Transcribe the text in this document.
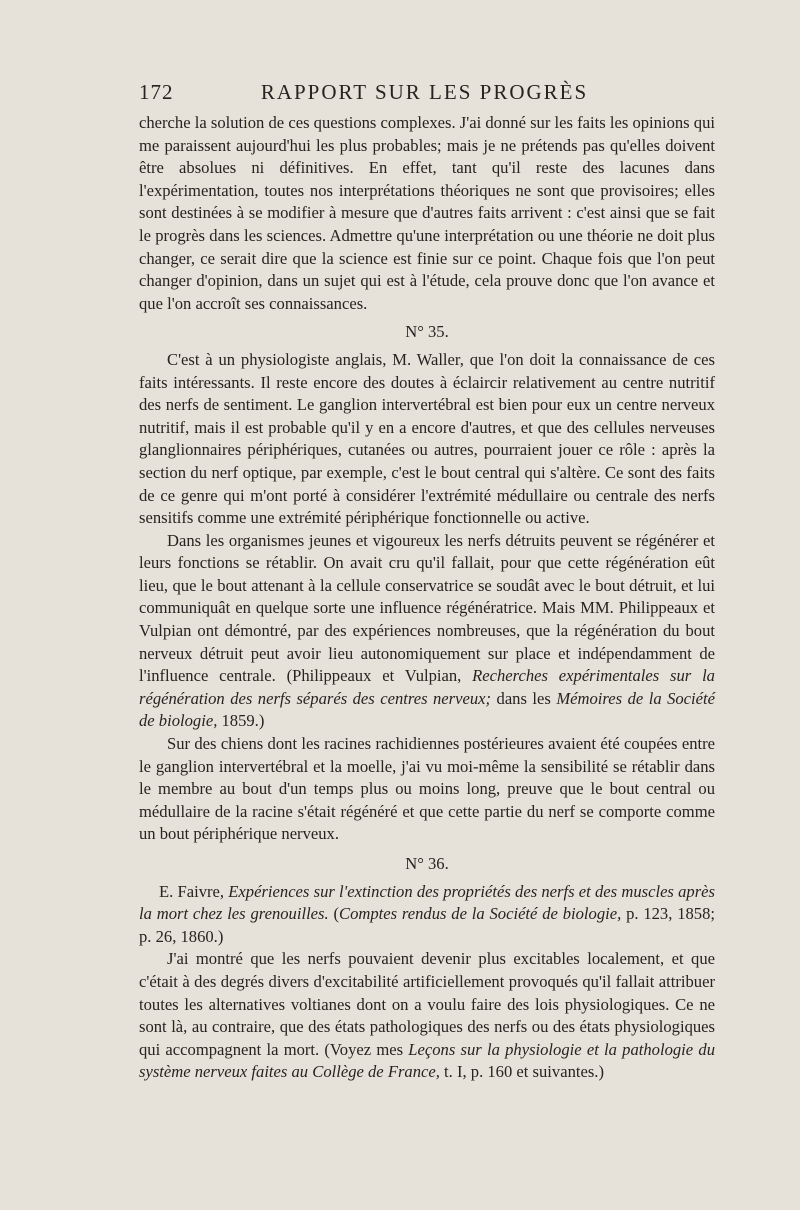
172	RAPPORT SUR LES PROGRÈS

cherche la solution de ces questions complexes. J'ai donné sur les faits les opinions qui me paraissent aujourd'hui les plus probables; mais je ne prétends pas qu'elles doivent être absolues ni définitives. En effet, tant qu'il reste des lacunes dans l'expérimentation, toutes nos interprétations théoriques ne sont que provisoires; elles sont destinées à se modifier à mesure que d'autres faits arrivent : c'est ainsi que se fait le progrès dans les sciences. Admettre qu'une interprétation ou une théorie ne doit plus changer, ce serait dire que la science est finie sur ce point. Chaque fois que l'on peut changer d'opinion, dans un sujet qui est à l'étude, cela prouve donc que l'on avance et que l'on accroît ses connaissances.

N° 35.

C'est à un physiologiste anglais, M. Waller, que l'on doit la connaissance de ces faits intéressants. Il reste encore des doutes à éclaircir relativement au centre nutritif des nerfs de sentiment. Le ganglion intervertébral est bien pour eux un centre nerveux nutritif, mais il est probable qu'il y en a encore d'autres, et que des cellules nerveuses glanglionnaires périphériques, cutanées ou autres, pourraient jouer ce rôle : après la section du nerf optique, par exemple, c'est le bout central qui s'altère. Ce sont des faits de ce genre qui m'ont porté à considérer l'extrémité médullaire ou centrale des nerfs sensitifs comme une extrémité périphérique fonctionnelle ou active.

Dans les organismes jeunes et vigoureux les nerfs détruits peuvent se régénérer et leurs fonctions se rétablir. On avait cru qu'il fallait, pour que cette régénération eût lieu, que le bout attenant à la cellule conservatrice se soudât avec le bout détruit, et lui communiquât en quelque sorte une influence régénératrice. Mais MM. Philippeaux et Vulpian ont démontré, par des expériences nombreuses, que la régénération du bout nerveux détruit peut avoir lieu autonomiquement sur place et indépendamment de l'influence centrale. (Philippeaux et Vulpian, Recherches expérimentales sur la régénération des nerfs séparés des centres nerveux; dans les Mémoires de la Société de biologie, 1859.)

Sur des chiens dont les racines rachidiennes postérieures avaient été coupées entre le ganglion intervertébral et la moelle, j'ai vu moi-même la sensibilité se rétablir dans le membre au bout d'un temps plus ou moins long, preuve que le bout central ou médullaire de la racine s'était régénéré et que cette partie du nerf se comporte comme un bout périphérique nerveux.

N° 36.

E. Faivre, Expériences sur l'extinction des propriétés des nerfs et des muscles après la mort chez les grenouilles. (Comptes rendus de la Société de biologie, p. 123, 1858; p. 26, 1860.)

J'ai montré que les nerfs pouvaient devenir plus excitables localement, et que c'était à des degrés divers d'excitabilité artificiellement provoqués qu'il fallait attribuer toutes les alternatives voltianes dont on a voulu faire des lois physiologiques. Ce ne sont là, au contraire, que des états pathologiques des nerfs ou des états physiologiques qui accompagnent la mort. (Voyez mes Leçons sur la physiologie et la pathologie du système nerveux faites au Collège de France, t. I, p. 160 et suivantes.)
